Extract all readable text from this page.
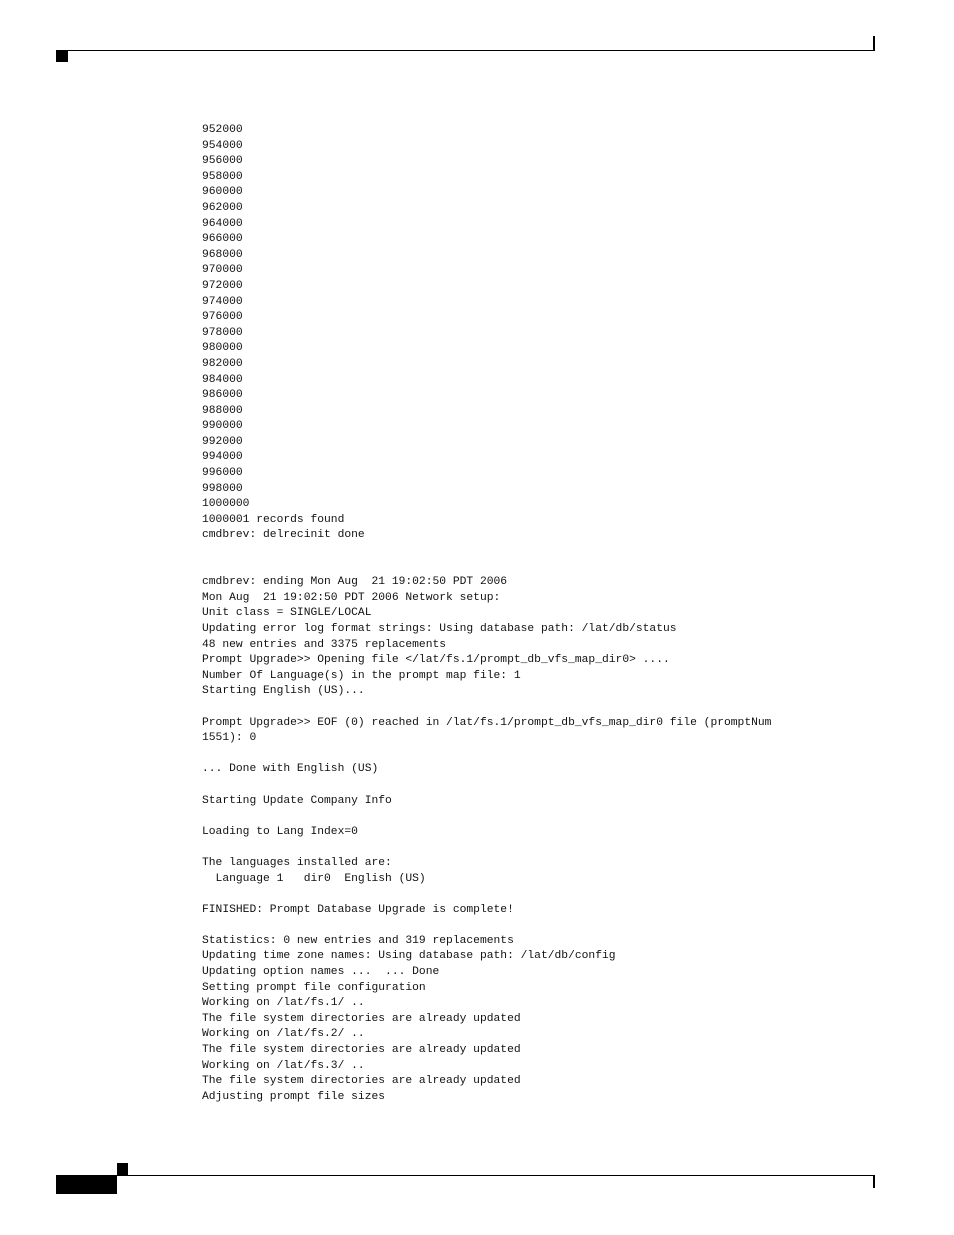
952000
954000
956000
958000
960000
962000
964000
966000
968000
970000
972000
974000
976000
978000
980000
982000
984000
986000
988000
990000
992000
994000
996000
998000
1000000
1000001 records found
cmdbrev: delrecinit done
cmdbrev: ending Mon Aug  21 19:02:50 PDT 2006
Mon Aug  21 19:02:50 PDT 2006 Network setup:
Unit class = SINGLE/LOCAL
Updating error log format strings: Using database path: /lat/db/status
48 new entries and 3375 replacements
Prompt Upgrade>> Opening file </lat/fs.1/prompt_db_vfs_map_dir0> ....
Number Of Language(s) in the prompt map file: 1
Starting English (US)...
Prompt Upgrade>> EOF (0) reached in /lat/fs.1/prompt_db_vfs_map_dir0 file (promptNum
1551): 0
... Done with English (US)
Starting Update Company Info
Loading to Lang Index=0
The languages installed are:
Language 1   dir0  English (US)
FINISHED: Prompt Database Upgrade is complete!
Statistics: 0 new entries and 319 replacements
Updating time zone names: Using database path: /lat/db/config
Updating option names ...  ... Done
Setting prompt file configuration
Working on /lat/fs.1/ ..
The file system directories are already updated
Working on /lat/fs.2/ ..
The file system directories are already updated
Working on /lat/fs.3/ ..
The file system directories are already updated
Adjusting prompt file sizes
